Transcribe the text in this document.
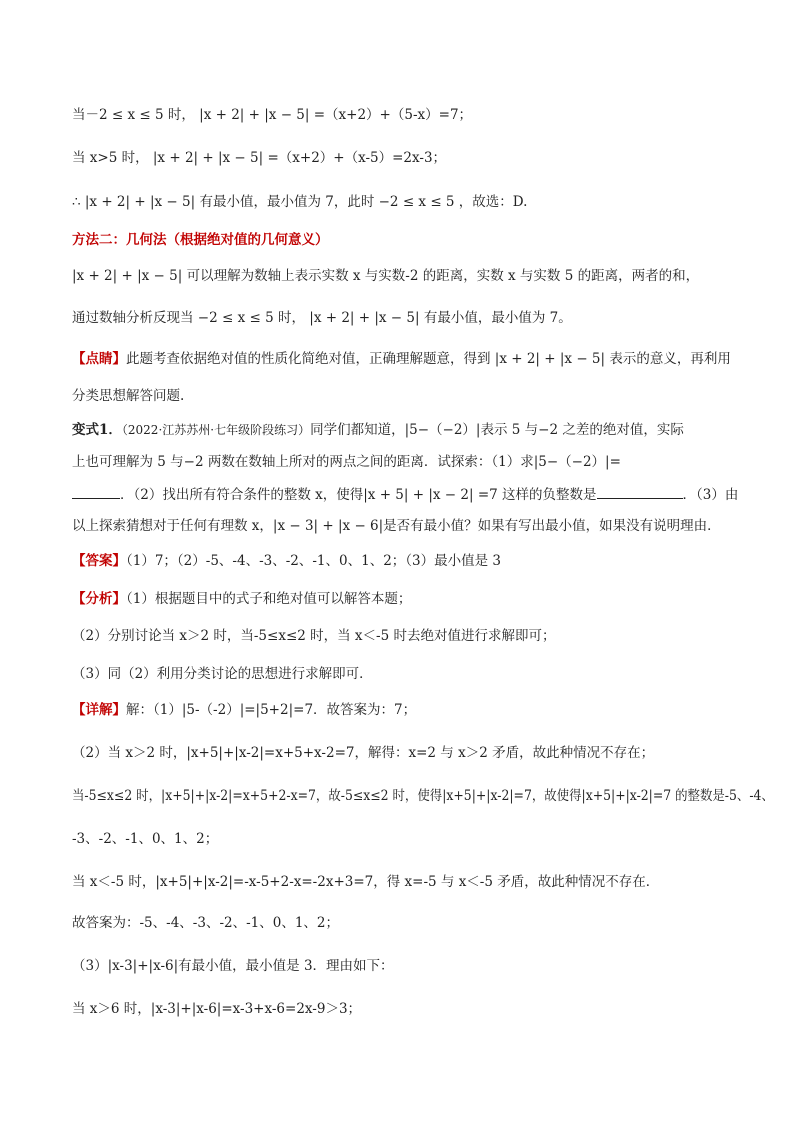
当－2 ≤ x ≤ 5 时， |x + 2| + |x − 5| =（x+2）+（5-x）=7；
当 x>5 时， |x + 2| + |x − 5| =（x+2）+（x-5）=2x-3；
∴ |x + 2| + |x − 5| 有最小值，最小值为 7，此时 −2 ≤ x ≤ 5 ，故选：D.
方法二：几何法（根据绝对值的几何意义）
|x + 2| + |x − 5| 可以理解为数轴上表示实数 x 与实数-2 的距离，实数 x 与实数 5 的距离，两者的和，
通过数轴分析反现当 −2 ≤ x ≤ 5 时， |x + 2| + |x − 5| 有最小值，最小值为 7。
【点睛】此题考查依据绝对值的性质化简绝对值，正确理解题意，得到 |x + 2| + |x − 5| 表示的意义，再利用
分类思想解答问题.
变式1．（2022·江苏苏州·七年级阶段练习）同学们都知道，|5−（−2）|表示 5 与−2 之差的绝对值，实际
上也可理解为 5 与−2 两数在数轴上所对的两点之间的距离．试探索：（1）求|5−（−2）|=
．（2）找出所有符合条件的整数 x，使得|x + 5| + |x − 2| =7 这样的负整数是	．（3）由
以上探索猜想对于任何有理数 x，|x − 3| + |x − 6|是否有最小值？如果有写出最小值，如果没有说明理由．
【答案】（1）7；（2）-5、-4、-3、-2、-1、0、1、2；（3）最小值是 3
【分析】（1）根据题目中的式子和绝对值可以解答本题；
（2）分别讨论当 x＞2 时，当-5≤x≤2 时，当 x＜-5 时去绝对值进行求解即可；
（3）同（2）利用分类讨论的思想进行求解即可．
【详解】解：（1）|5-（-2）|=|5+2|=7．故答案为：7；
（2）当 x＞2 时，|x+5|+|x-2|=x+5+x-2=7，解得：x=2 与 x＞2 矛盾，故此种情况不存在；
当-5≤x≤2 时，|x+5|+|x-2|=x+5+2-x=7，故-5≤x≤2 时，使得|x+5|+|x-2|=7，故使得|x+5|+|x-2|=7 的整数是-5、-4、
-3、-2、-1、0、1、2；
当 x＜-5 时，|x+5|+|x-2|=-x-5+2-x=-2x+3=7，得 x=-5 与 x＜-5 矛盾，故此种情况不存在．
故答案为：-5、-4、-3、-2、-1、0、1、2；
（3）|x-3|+|x-6|有最小值，最小值是 3．理由如下：
当 x＞6 时，|x-3|+|x-6|=x-3+x-6=2x-9＞3；
